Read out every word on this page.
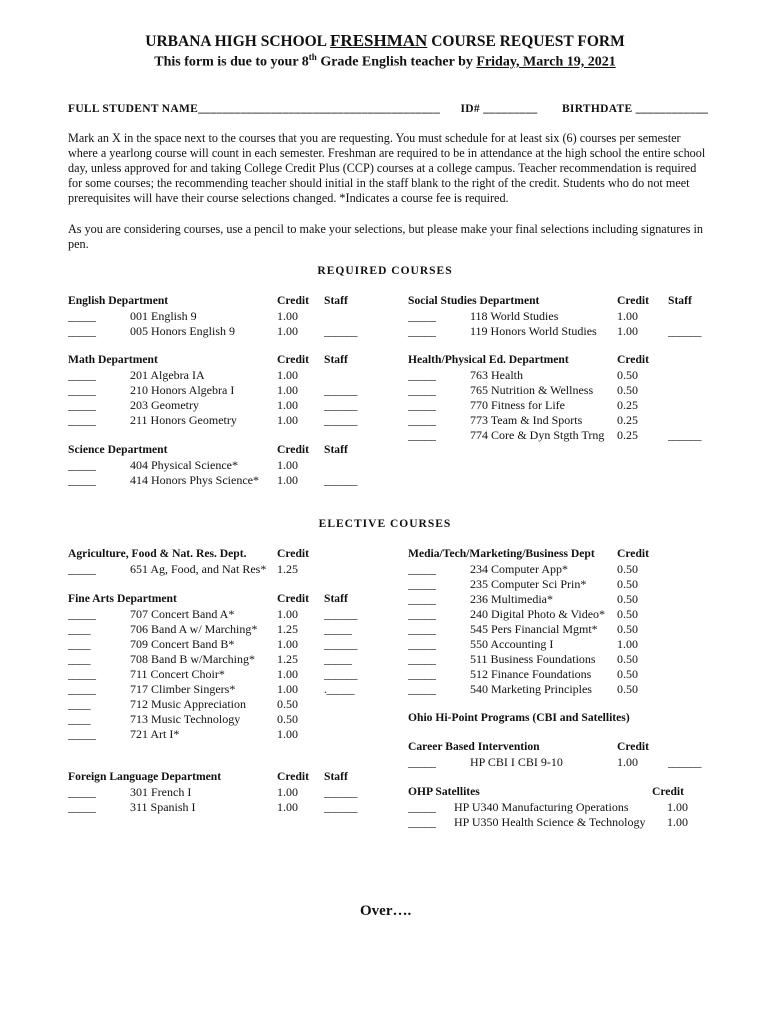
URBANA HIGH SCHOOL FRESHMAN COURSE REQUEST FORM
This form is due to your 8th Grade English teacher by Friday, March 19, 2021
FULL STUDENT NAME________________________________________ ID# _________ BIRTHDATE ____________
Mark an X in the space next to the courses that you are requesting. You must schedule for at least six (6) courses per semester where a yearlong course will count in each semester. Freshman are required to be in attendance at the high school the entire school day, unless approved for and taking College Credit Plus (CCP) courses at a college campus. Teacher recommendation is required for some courses; the recommending teacher should initial in the staff blank to the right of the credit. Students who do not meet prerequisites will have their course selections changed. *Indicates a course fee is required.
As you are considering courses, use a pencil to make your selections, but please make your final selections including signatures in pen.
REQUIRED COURSES
ELECTIVE COURSES
English Department	Credit Staff
_____	001 English 9	1.00
_____	005 Honors English 9	1.00 ______
Social Studies Department	Credit Staff
_____	118 World Studies	1.00
_____	119 Honors World Studies 1.00	______
Math Department	Credit Staff
_____	201 Algebra IA	1.00
_____	210 Honors Algebra I	1.00 ______
_____	203 Geometry	1.00 ______
_____	211 Honors Geometry	1.00 ______
Health/Physical Ed. Department	Credit
_____	763 Health	0.50
_____	765 Nutrition & Wellness 0.50
_____	770 Fitness for Life	0.25
_____	773 Team & Ind Sports	0.25
_____	774 Core & Dyn Stgth Trng 0.25	______
Science Department	Credit Staff
_____	404 Physical Science*	1.00
_____	414 Honors Phys Science* 1.00 ______
Agriculture, Food & Nat. Res. Dept.	Credit
_____	651 Ag, Food, and Nat Res* 1.25
Media/Tech/Marketing/Business Dept Credit
_____	234 Computer App*	0.50
_____	235 Computer Sci Prin*	0.50
_____	236 Multimedia*	0.50
_____	240 Digital Photo & Video* 0.50
_____	545 Pers Financial Mgmt* 0.50
_____	550 Accounting I	1.00
_____	511 Business Foundations 0.50
_____	512 Finance Foundations 0.50
_____	540 Marketing Principles 0.50
Fine Arts Department	Credit Staff
_____	707 Concert Band A*	1.00 ______
____	706 Band A w/ Marching* 1.25 _____
____	709 Concert Band B*	1.00 ______
____	708 Band B w/Marching* 1.25 _____
_____	711 Concert Choir*	1.00 ______
_____	717 Climber Singers*	1.00 ._____
____	712 Music Appreciation	0.50
____	713 Music Technology	0.50
_____	721 Art I*	1.00
Career Based Intervention	Credit
_____	HP CBI I CBI 9-10	1.00	______
Foreign Language Department	Credit Staff
_____	301 French I	1.00 ______
_____	311 Spanish I	1.00 ______
Ohio Hi-Point Programs (CBI and Satellites)
OHP Satellites	Credit
_____ HP U340 Manufacturing Operations	1.00
_____ HP U350 Health Science & Technology 1.00
Over….
